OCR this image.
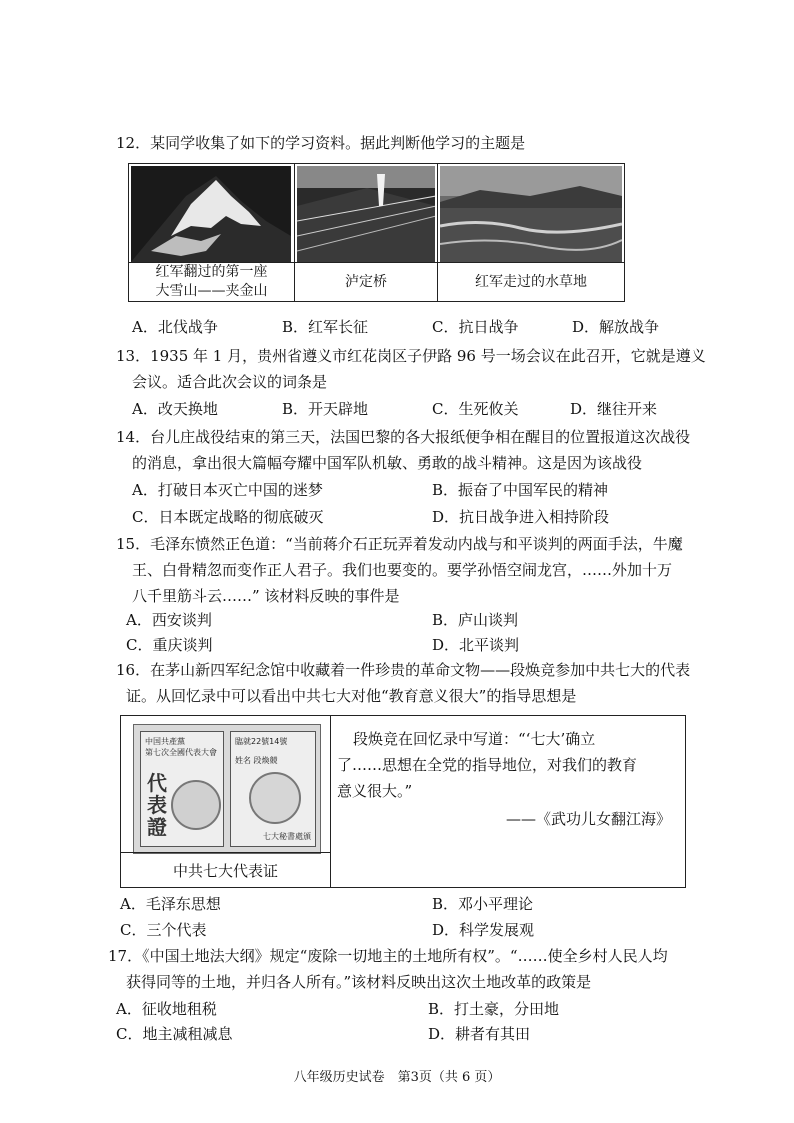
12．某同学收集了如下的学习资料。据此判断他学习的主题是
红军翻过的第一座
大雪山——夹金山
泸定桥	红军走过的水草地
A．北伐战争	B．红军长征	C．抗日战争	D．解放战争
13．1935 年 1 月，贵州省遵义市红花岗区子伊路 96 号一场会议在此召开，它就是遵义
会议。适合此次会议的词条是
A．改天换地	B．开天辟地	C．生死攸关	D．继往开来
14．台儿庄战役结束的第三天，法国巴黎的各大报纸便争相在醒目的位置报道这次战役
的消息，拿出很大篇幅夸耀中国军队机敏、勇敢的战斗精神。这是因为该战役
A．打破日本灭亡中国的迷梦	B．振奋了中国军民的精神
C．日本既定战略的彻底破灭	D．抗日战争进入相持阶段
15．毛泽东愤然正色道：“当前蒋介石正玩弄着发动内战与和平谈判的两面手法，牛魔
王、白骨精忽而变作正人君子。我们也要变的。要学孙悟空闹龙宫，……外加十万
八千里筋斗云……” 该材料反映的事件是
A．西安谈判	B．庐山谈判
C．重庆谈判	D．北平谈判
16．在茅山新四军纪念馆中收藏着一件珍贵的革命文物——段焕竞参加中共七大的代表
证。从回忆录中可以看出中共七大对他“教育意义很大”的指导思想是
中国共產黨
第七次全國代表大會
代
表
證
臨就22號14號
姓名 段煥競
七大秘書處頒
中共七大代表证
段焕竞在回忆录中写道：“‘七大’确立
了……思想在全党的指导地位，对我们的教育
意义很大。”
——《武功儿女翻江海》
A．毛泽东思想	B．邓小平理论
C．三个代表	D．科学发展观
17．《中国土地法大纲》规定“废除一切地主的土地所有权”。“……使全乡村人民人均
获得同等的土地，并归各人所有。”该材料反映出这次土地改革的政策是
A．征收地租税	B．打土豪，分田地
C．地主减租减息	D．耕者有其田
八年级历史试卷　第3页（共 6 页）
